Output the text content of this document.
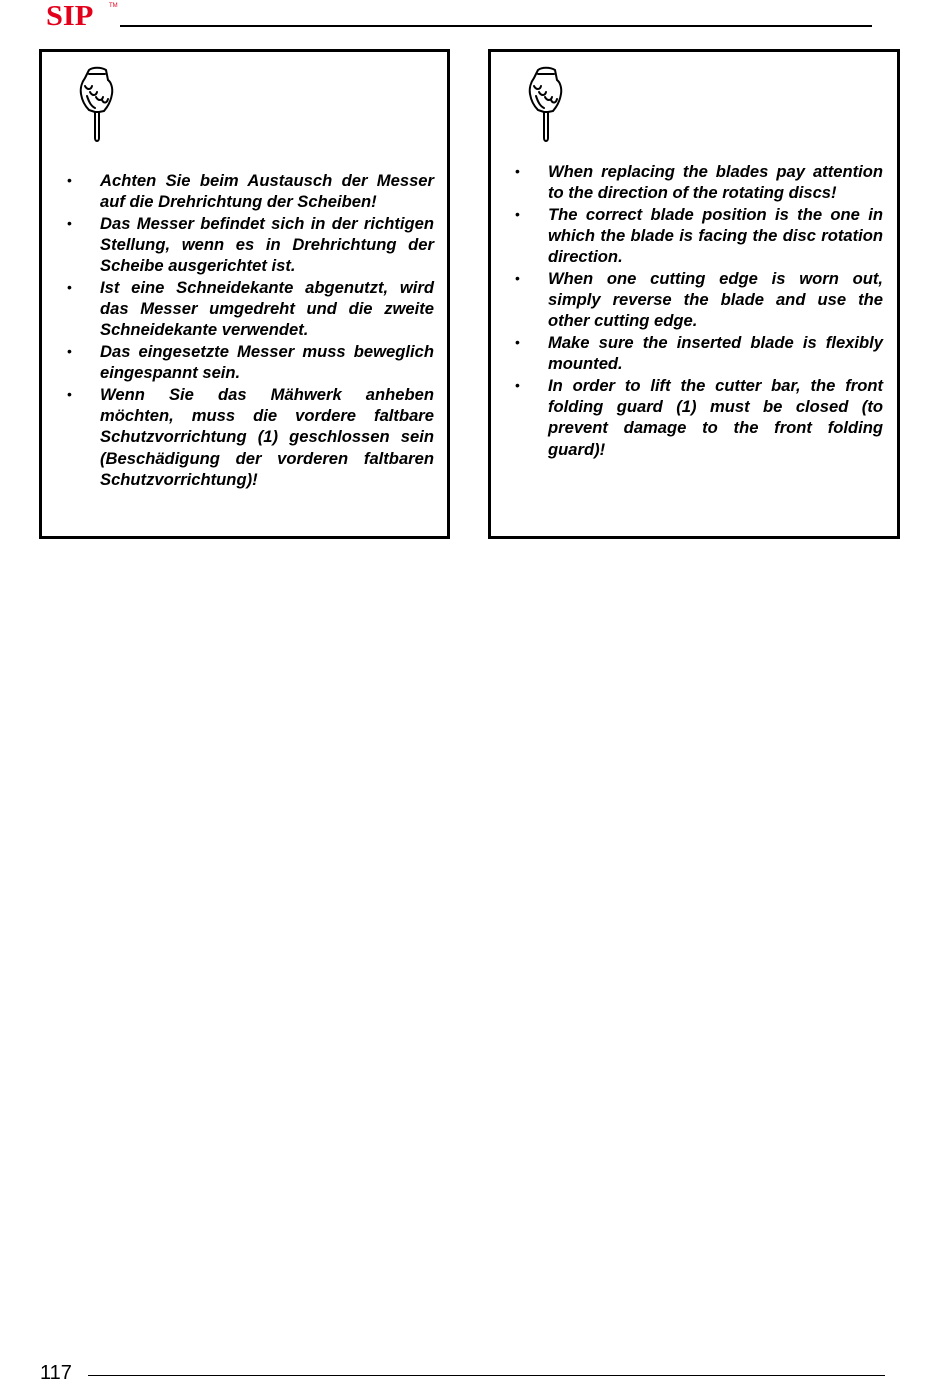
SIP	TM
• Achten Sie beim Austausch der Messer auf die Drehrichtung der Scheiben!
• Das Messer befindet sich in der richtigen Stellung, wenn es in Drehrichtung der Scheibe ausgerichtet ist.
• Ist eine Schneidekante abgenutzt, wird das Messer umgedreht und die zweite Schneidekante verwendet.
• Das eingesetzte Messer muss beweglich eingespannt sein.
• Wenn Sie das Mähwerk anheben möchten, muss die vordere faltbare Schutzvorrichtung (1) geschlossen sein (Beschädigung der vorderen faltbaren Schutzvorrichtung)!
• When replacing the blades pay attention to the direction of the rotating discs!
• The correct blade position is the one in which the blade is facing the disc rotation direction.
• When one cutting edge is worn out, simply reverse the blade and use the other cutting edge.
• Make sure the inserted blade is flexibly mounted.
• In order to lift the cutter bar, the front folding guard (1) must be closed (to prevent damage to the front folding guard)!
117
